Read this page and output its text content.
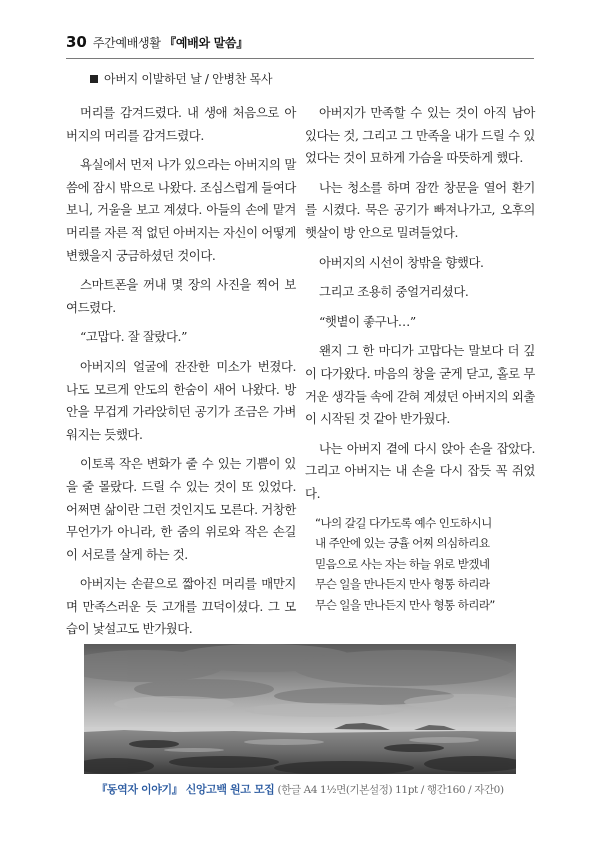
30 주간예배생활 『예배와 말씀』
아버지 이발하던 날 / 안병찬 목사

머리를 감겨드렸다. 내 생애 처음으로 아버지의 머리를 감겨드렸다.

욕실에서 먼저 나가 있으라는 아버지의 말씀에 잠시 밖으로 나왔다. 조심스럽게 들여다보니, 거울을 보고 계셨다. 아들의 손에 맡겨 머리를 자른 적 없던 아버지는 자신이 어떻게 변했을지 궁금하셨던 것이다.

스마트폰을 꺼내 몇 장의 사진을 찍어 보여드렸다.

“고맙다. 잘 잘랐다.”

아버지의 얼굴에 잔잔한 미소가 번졌다. 나도 모르게 안도의 한숨이 새어 나왔다. 방 안을 무겁게 가라앉히던 공기가 조금은 가벼워지는 듯했다.

이토록 작은 변화가 줄 수 있는 기쁨이 있을 줄 몰랐다. 드릴 수 있는 것이 또 있었다. 어쩌면 삶이란 그런 것인지도 모른다. 거창한 무언가가 아니라, 한 줌의 위로와 작은 손길이 서로를 살게 하는 것.

아버지는 손끝으로 짧아진 머리를 매만지며 만족스러운 듯 고개를 끄덕이셨다. 그 모습이 낯설고도 반가웠다.

아버지가 만족할 수 있는 것이 아직 남아 있다는 것, 그리고 그 만족을 내가 드릴 수 있었다는 것이 묘하게 가슴을 따뜻하게 했다.

나는 청소를 하며 잠깐 창문을 열어 환기를 시켰다. 묵은 공기가 빠져나가고, 오후의 햇살이 방 안으로 밀려들었다.

아버지의 시선이 창밖을 향했다.

그리고 조용히 중얼거리셨다.

“햇볕이 좋구나…”

왠지 그 한 마디가 고맙다는 말보다 더 깊이 다가왔다. 마음의 창을 굳게 닫고, 홀로 무거운 생각들 속에 갇혀 계셨던 아버지의 외출이 시작된 것 같아 반가웠다.

나는 아버지 곁에 다시 앉아 손을 잡았다. 그리고 아버지는 내 손을 다시 잡듯 꼭 쥐었다.

“나의 갈길 다가도록 예수 인도하시니
내 주안에 있는 긍휼 어찌 의심하리요
믿음으로 사는 자는 하늘 위로 받겠네
무슨 일을 만나든지 만사 형통 하리라
무슨 일을 만나든지 만사 형통 하리라”

『동역자 이야기』 신앙고백 원고 모집 (한글 A4 1½면(기본설정) 11pt / 행간160 / 자간0)
